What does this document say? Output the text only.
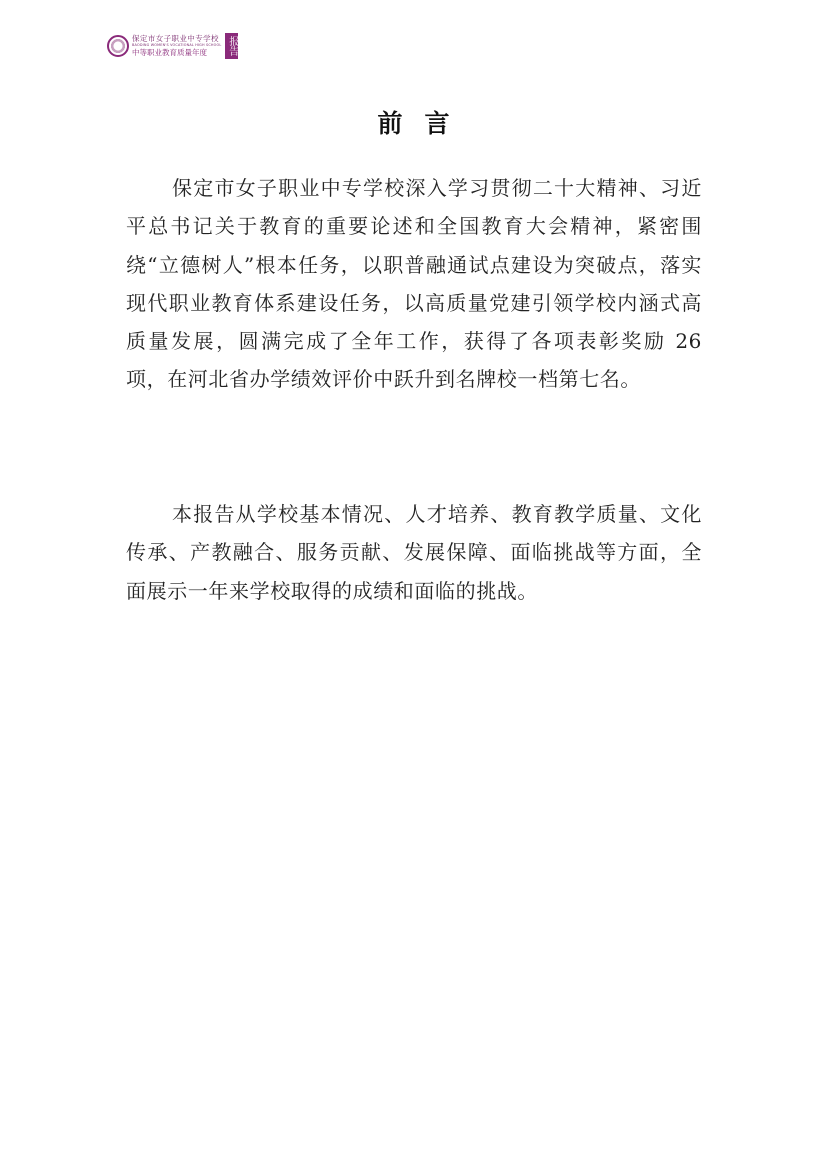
保定市女子职业中专学校
BAODING WOMEN'S VOCATIONAL HIGH SCHOOL
中等职业教育质量年度	报告
前言

保定市女子职业中专学校深入学习贯彻二十大精神、习近平总书记关于教育的重要论述和全国教育大会精神，紧密围绕“立德树人”根本任务，以职普融通试点建设为突破点，落实现代职业教育体系建设任务，以高质量党建引领学校内涵式高质量发展，圆满完成了全年工作，获得了各项表彰奖励 26 项，在河北省办学绩效评价中跃升到名牌校一档第七名。

本报告从学校基本情况、人才培养、教育教学质量、文化传承、产教融合、服务贡献、发展保障、面临挑战等方面，全面展示一年来学校取得的成绩和面临的挑战。
